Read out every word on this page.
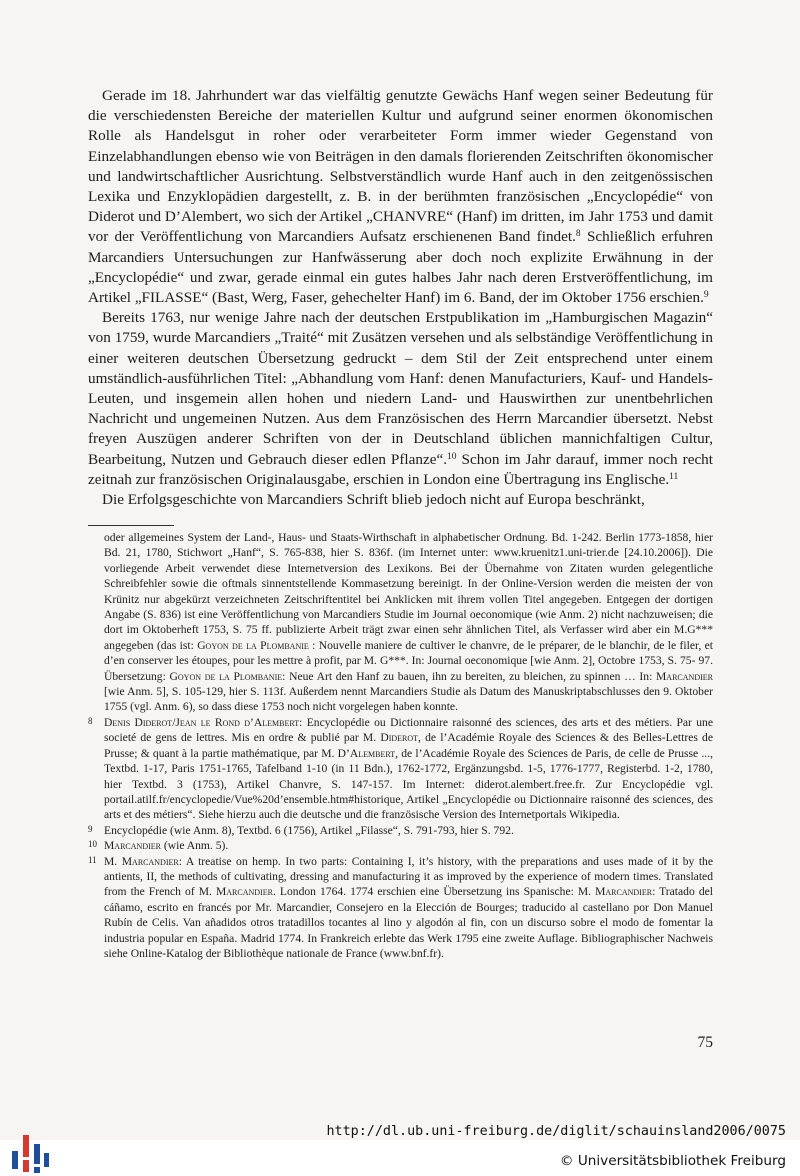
Gerade im 18. Jahrhundert war das vielfältig genutzte Gewächs Hanf wegen seiner Bedeutung für die verschiedensten Bereiche der materiellen Kultur und aufgrund seiner enormen ökonomischen Rolle als Handelsgut in roher oder verarbeiteter Form immer wieder Gegenstand von Einzelabhandlungen ebenso wie von Beiträgen in den damals florierenden Zeitschriften ökonomischer und landwirtschaftlicher Ausrichtung. Selbstverständlich wurde Hanf auch in den zeitgenössischen Lexika und Enzyklopädien dargestellt, z. B. in der berühmten französischen „Encyclopédie“ von Diderot und D’Alembert, wo sich der Artikel „CHANVRE“ (Hanf) im dritten, im Jahr 1753 und damit vor der Veröffentlichung von Marcandiers Aufsatz erschienenen Band findet.$^8$ Schließlich erfuhren Marcandiers Untersuchungen zur Hanfwässerung aber doch noch explizite Erwähnung in der „Encyclopédie“ und zwar, gerade einmal ein gutes halbes Jahr nach deren Erstveröffentlichung, im Artikel „FILASSE“ (Bast, Werg, Faser, gehechelter Hanf) im 6. Band, der im Oktober 1756 erschien.$^9$

Bereits 1763, nur wenige Jahre nach der deutschen Erstpublikation im „Hamburgischen Magazin“ von 1759, wurde Marcandiers „Traité“ mit Zusätzen versehen und als selbständige Veröffentlichung in einer weiteren deutschen Übersetzung gedruckt – dem Stil der Zeit entsprechend unter einem umständlich-ausführlichen Titel: „Abhandlung vom Hanf: denen Manufacturiers, Kauf- und Handels-Leuten, und insgemein allen hohen und niedern Land- und Hauswirthen zur unentbehrlichen Nachricht und ungemeinen Nutzen. Aus dem Französischen des Herrn Marcandier übersetzt. Nebst freyen Auszügen anderer Schriften von der in Deutschland üblichen mannichfaltigen Cultur, Bearbeitung, Nutzen und Gebrauch dieser edlen Pflanze“.$^{10}$ Schon im Jahr darauf, immer noch recht zeitnah zur französischen Originalausgabe, erschien in London eine Übertragung ins Englische.$^{11}$

Die Erfolgsgeschichte von Marcandiers Schrift blieb jedoch nicht auf Europa beschränkt,

oder allgemeines System der Land-, Haus- und Staats-Wirthschaft in alphabetischer Ordnung. Bd. 1-242. Berlin 1773-1858, hier Bd. 21, 1780, Stichwort „Hanf“, S. 765-838, hier S. 836f. (im Internet unter: www.kruenitz1.uni-trier.de [24.10.2006]). Die vorliegende Arbeit verwendet diese Internetversion des Lexikons. Bei der Übernahme von Zitaten wurden gelegentliche Schreibfehler sowie die oftmals sinnentstellende Kommasetzung bereinigt. In der Online-Version werden die meisten der von Krünitz nur abgekürzt verzeichneten Zeitschriftentitel bei Anklicken mit ihrem vollen Titel angegeben. Entgegen der dortigen Angabe (S. 836) ist eine Veröffentlichung von Marcandiers Studie im Journal oeconomique (wie Anm. 2) nicht nachzuweisen; die dort im Oktoberheft 1753, S. 75 ff. publizierte Arbeit trägt zwar einen sehr ähnlichen Titel, als Verfasser wird aber ein M.G*** angegeben (das ist: Goyon de la Plombanie : Nouvelle maniere de cultiver le chanvre, de le préparer, de le blanchir, de le filer, et d’en conserver les étoupes, pour les mettre à profit, par M. G***. In: Journal oeconomique [wie Anm. 2], Octobre 1753, S. 75- 97. Übersetzung: Goyon de la Plombanie: Neue Art den Hanf zu bauen, ihn zu bereiten, zu bleichen, zu spinnen … In: Marcandier [wie Anm. 5], S. 105-129, hier S. 113f. Außerdem nennt Marcandiers Studie als Datum des Manuskriptabschlusses den 9. Oktober 1755 (vgl. Anm. 6), so dass diese 1753 noch nicht vorgelegen haben konnte.
8 Denis Diderot/Jean le Rond d’Alembert: Encyclopédie ou Dictionnaire raisonné des sciences, des arts et des métiers. Par une societé de gens de lettres. Mis en ordre & publié par M. Diderot, de l’Académie Royale des Sciences & des Belles-Lettres de Prusse; & quant à la partie mathématique, par M. D’Alembert, de l’Académie Royale des Sciences de Paris, de celle de Prusse ..., Textbd. 1-17, Paris 1751-1765, Tafelband 1-10 (in 11 Bdn.), 1762-1772, Ergänzungsbd. 1-5, 1776-1777, Registerbd. 1-2, 1780, hier Textbd. 3 (1753), Artikel Chanvre, S. 147-157. Im Internet: diderot.alembert.free.fr. Zur Encyclopédie vgl. portail.atilf.fr/encyclopedie/Vue%20d’ensemble.htm#historique, Artikel „Encyclopédie ou Dictionnaire raisonné des sciences, des arts et des métiers“. Siehe hierzu auch die deutsche und die französische Version des Internetportals Wikipedia.
9 Encyclopédie (wie Anm. 8), Textbd. 6 (1756), Artikel „Filasse“, S. 791-793, hier S. 792.
10 Marcandier (wie Anm. 5).
11 M. Marcandier: A treatise on hemp. In two parts: Containing I, it’s history, with the preparations and uses made of it by the antients, II, the methods of cultivating, dressing and manufacturing it as improved by the experience of modern times. Translated from the French of M. Marcandier. London 1764. 1774 erschien eine Übersetzung ins Spanische: M. Marcandier: Tratado del cáñamo, escrito en francés por Mr. Marcandier, Consejero en la Elección de Bourges; traducido al castellano por Don Manuel Rubín de Celis. Van añadidos otros tratadillos tocantes al lino y algodón al fin, con un discurso sobre el modo de fomentar la industria popular en España. Madrid 1774. In Frankreich erlebte das Werk 1795 eine zweite Auflage. Bibliographischer Nachweis siehe Online-Katalog der Bibliothèque nationale de France (www.bnf.fr).
75
http://dl.ub.uni-freiburg.de/diglit/schauinsland2006/0075
© Universitätsbibliothek Freiburg
